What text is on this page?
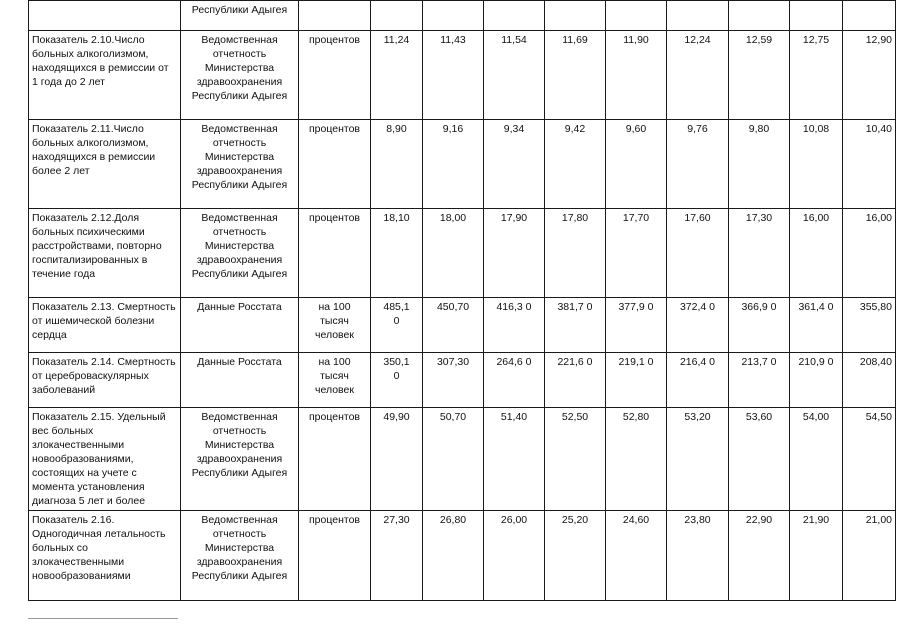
	Республики Адыгея										
Показатель 2.10.Число больных алкоголизмом, находящихся в ремиссии от 1 года до 2 лет	Ведомственная
отчетность
Министерства
здравоохранения
Республики Адыгея	процентов	11,24	11,43	11,54	11,69	11,90	12,24	12,59	12,75	12,90
Показатель 2.11.Число больных алкоголизмом, находящихся в ремиссии более 2 лет	Ведомственная
отчетность
Министерства
здравоохранения
Республики Адыгея	процентов	8,90	9,16	9,34	9,42	9,60	9,76	9,80	10,08	10,40
Показатель 2.12.Доля больных психическими расстройствами, повторно госпитализированных в течение года	Ведомственная
отчетность
Министерства
здравоохранения
Республики Адыгея	процентов	18,10	18,00	17,90	17,80	17,70	17,60	17,30	16,00	16,00
Показатель 2.13. Смертность от ишемической болезни сердца	Данные Росстата	на 100
тысяч
человек	485,1
0	450,70	416,3 0	381,7 0	377,9 0	372,4 0	366,9 0	361,4 0	355,80
Показатель 2.14. Смертность от цереброваскулярных заболеваний	Данные Росстата	на 100
тысяч
человек	350,1
0	307,30	264,6 0	221,6 0	219,1 0	216,4 0	213,7 0	210,9 0	208,40
Показатель 2.15. Удельный вес больных злокачественными новообразованиями, состоящих на учете с момента установления диагноза 5 лет и более	Ведомственная
отчетность
Министерства
здравоохранения
Республики Адыгея	процентов	49,90	50,70	51,40	52,50	52,80	53,20	53,60	54,00	54,50
Показатель 2.16. Одногодичная летальность больных со злокачественными новообразованиями	Ведомственная
отчетность
Министерства
здравоохранения
Республики Адыгея	процентов	27,30	26,80	26,00	25,20	24,60	23,80	22,90	21,90	21,00
